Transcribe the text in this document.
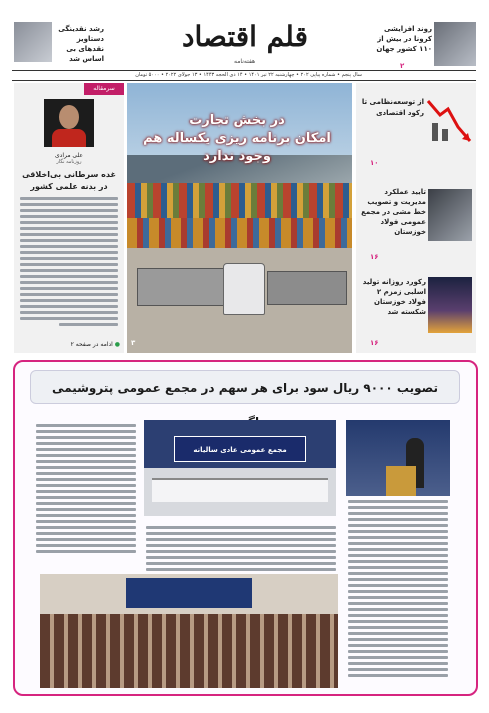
رشد نقدینگی دستاویز نقدهای بی اساس شد
قلم اقتصاد
هفته‌نامه
روند افزایشی کرونا در بیش از ۱۱۰ کشور جهان
۲
سال پنجم • شماره پیاپی ۲۰۲ • چهارشنبه ۲۲ تیر ۱۴۰۱ • ۱۴ ذی الحجه ۱۴۴۳ • ۱۳ جولای ۲۰۲۲ • ۵۰۰۰ تومان
سرمقاله
علی مرادی
روزنامه نگار
غده سرطانی بی‌اخلاقی در بدنه علمی کشور
● ادامه در صفحه ۲
در بخش تجارت
امکان برنامه ریزی یکساله هم
وجود ندارد
۳
از توسعه‌نظامی تا رکود اقتصادی
۱۰
تایید عملکرد مدیریت و تصویب خط مشی در مجمع عمومی فولاد خوزستان
۱۶
رکورد روزانه تولید اسلبی زمزم ۲ فولاد خوزستان شکسته شد
۱۶
تصویب ۹۰۰۰ ریال سود برای هر سهم در مجمع عمومی پتروشیمی
مجمع عمومی عادی سالیانه
